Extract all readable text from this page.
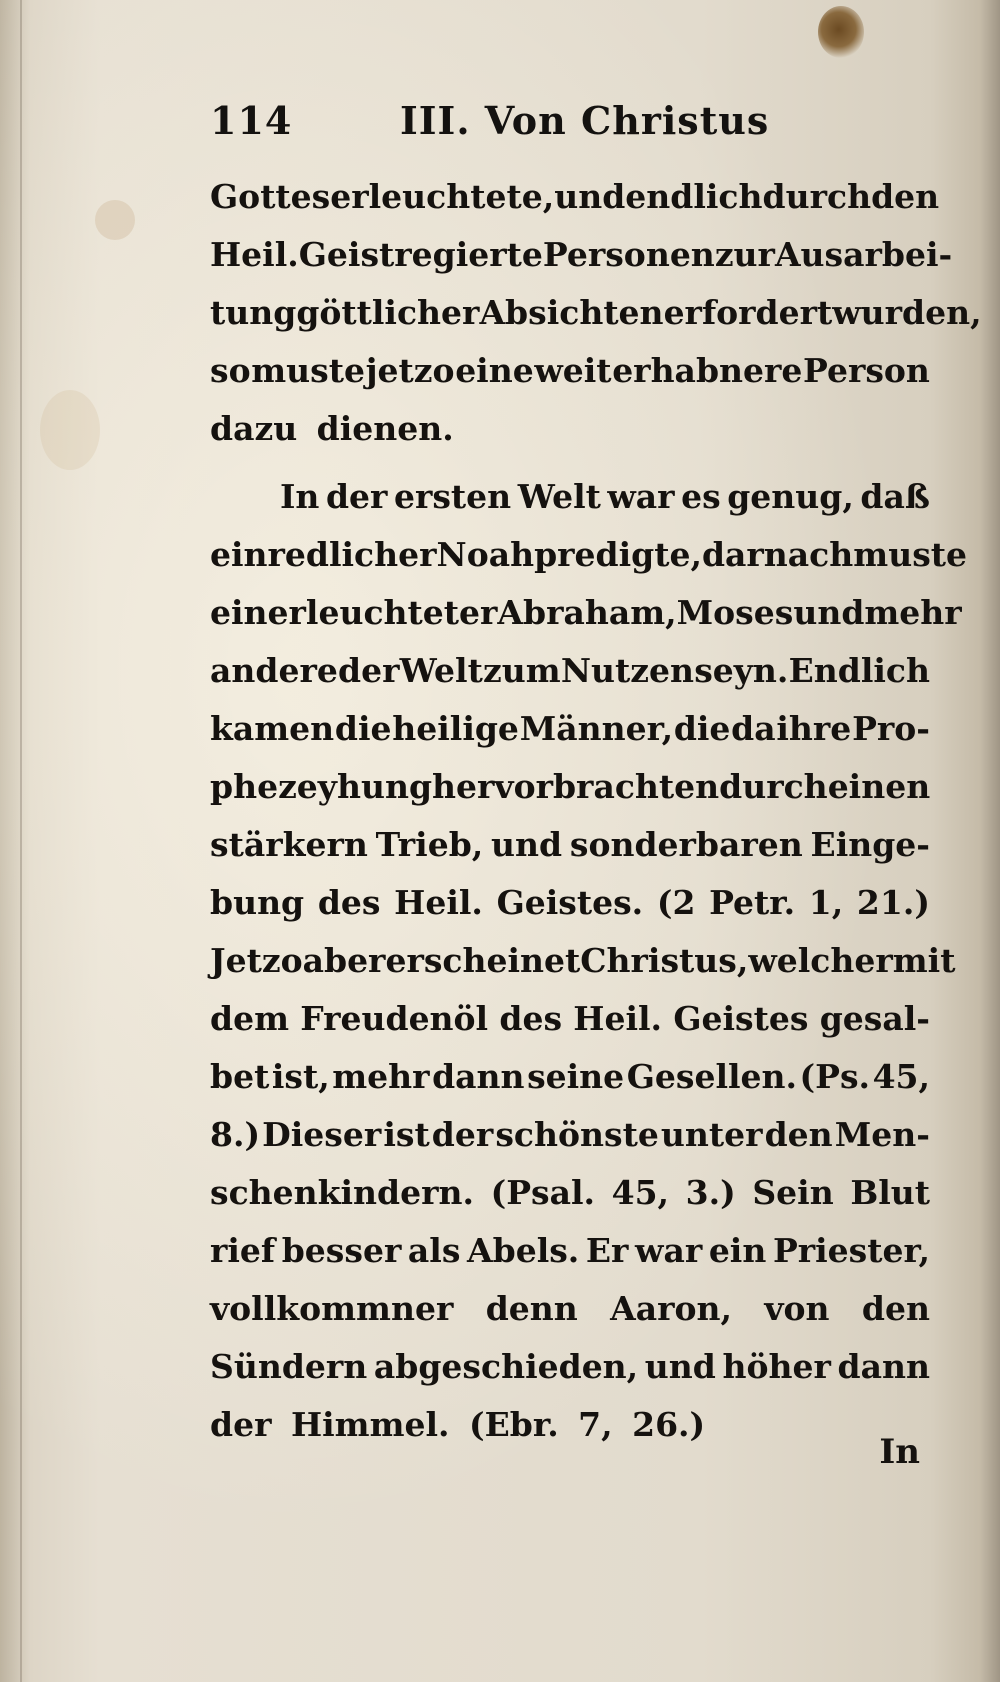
114	III. Von Christus
Gottes erleuchtete, und endlich durch den
Heil. Geist regierte Personen zur Ausarbei-
tung göttlicher Absichten erfordert wurden,
so muste jetzo eine weit erhabnere Person
dazu dienen.
In der ersten Welt war es genug, daß
ein redlicher Noah predigte, darnach muste
ein erleuchteter Abraham, Moses und mehr
andere der Welt zum Nutzen seyn. Endlich
kamen die heilige Männer, die da ihre Pro-
phezeyhung hervorbrachten durch einen
stärkern Trieb, und sonderbaren Einge-
bung des Heil. Geistes. (2 Petr. 1, 21.)
Jetzo aber erscheinet Christus, welcher mit
dem Freudenöl des Heil. Geistes gesal-
bet ist, mehr dann seine Gesellen. (Ps. 45,
8.) Dieser ist der schönste unter den Men-
schenkindern. (Psal. 45, 3.) Sein Blut
rief besser als Abels. Er war ein Priester,
vollkommner denn Aaron, von den
Sündern abgeschieden, und höher dann
der Himmel. (Ebr. 7, 26.)
In
